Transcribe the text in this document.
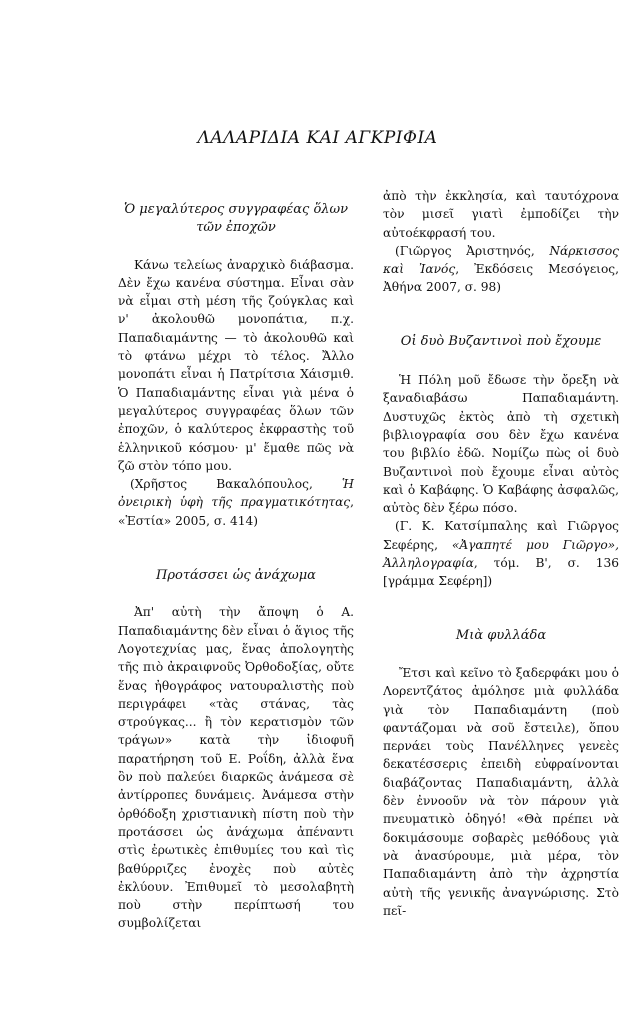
ΛΑΛΑΡΙΔΙΑ ΚΑΙ ΑΓΚΡΙΦΙΑ
Ὁ μεγαλύτερος συγγραφέας ὅλων τῶν ἐποχῶν

Κάνω τελείως ἀναρχικὸ διάβασμα. Δὲν ἔχω κανένα σύστημα. Εἶναι σὰν νὰ εἶμαι στὴ μέση τῆς ζούγκλας καὶ ν' ἀκολουθῶ μονοπάτια, π.χ. Παπαδιαμάντης — τὸ ἀκολουθῶ καὶ τὸ φτάνω μέχρι τὸ τέλος. Ἄλλο μονοπάτι εἶναι ἡ Πατρίτσια Χάισμιθ. Ὁ Παπαδιαμάντης εἶναι γιὰ μένα ὁ μεγαλύτερος συγγραφέας ὅλων τῶν ἐποχῶν, ὁ καλύτερος ἐκφραστὴς τοῦ ἑλληνικοῦ κόσμου· μ' ἔμαθε πῶς νὰ ζῶ στὸν τόπο μου.

(Χρῆστος Βακαλόπουλος, Ἡ ὀνειρικὴ ὑφὴ τῆς πραγματικότητας, «Ἑστία» 2005, σ. 414)

Προτάσσει ὡς ἀνάχωμα

Ἀπ' αὐτὴ τὴν ἄποψη ὁ Α. Παπαδιαμάντης δὲν εἶναι ὁ ἅγιος τῆς Λογοτεχνίας μας, ἕνας ἀπολογητὴς τῆς πιὸ ἀκραιφνοῦς Ὀρθοδοξίας, οὔτε ἕνας ἠθογράφος νατουραλιστὴς ποὺ περιγράφει «τὰς στάνας, τὰς στρούγκας... ἢ τὸν κερατισμὸν τῶν τράγων» κατὰ τὴν ἰδιοφυῆ παρατήρηση τοῦ Ε. Ροΐδη, ἀλλὰ ἕνα ὂν ποὺ παλεύει διαρκῶς ἀνάμεσα σὲ ἀντίρροπες δυνάμεις. Ἀνάμεσα στὴν ὀρθόδοξη χριστιανικὴ πίστη ποὺ τὴν προτάσσει ὡς ἀνάχωμα ἀπέναντι στὶς ἐρωτικὲς ἐπιθυμίες του καὶ τὶς βαθύρριζες ἐνοχὲς ποὺ αὐτὲς ἐκλύουν. Ἐπιθυμεῖ τὸ μεσολαβητὴ ποὺ στὴν περίπτωσή του συμβολίζεται

ἀπὸ τὴν ἐκκλησία, καὶ ταυτόχρονα τὸν μισεῖ γιατὶ ἐμποδίζει τὴν αὐτοέκφρασή του.

(Γιῶργος Ἀριστηνός, Νάρκισσος καὶ Ἰανός, Ἐκδόσεις Μεσόγειος, Ἀθήνα 2007, σ. 98)

Οἱ δυὸ Βυζαντινοὶ ποὺ ἔχουμε

Ἡ Πόλη μοῦ ἔδωσε τὴν ὄρεξη νὰ ξαναδιαβάσω Παπαδιαμάντη. Δυστυχῶς ἐκτὸς ἀπὸ τὴ σχετικὴ βιβλιογραφία σου δὲν ἔχω κανένα του βιβλίο ἐδῶ. Νομίζω πὼς οἱ δυὸ Βυζαντινοὶ ποὺ ἔχουμε εἶναι αὐτὸς καὶ ὁ Καβάφης. Ὁ Καβάφης ἀσφαλῶς, αὐτὸς δὲν ξέρω πόσο.

(Γ. Κ. Κατσίμπαλης καὶ Γιῶργος Σεφέρης, «Ἀγαπητέ μου Γιῶργο», Ἀλληλογραφία, τόμ. Β', σ. 136 [γράμμα Σεφέρη])

Μιὰ φυλλάδα

Ἔτσι καὶ κεῖνο τὸ ξαδερφάκι μου ὁ Λορεντζάτος ἀμόλησε μιὰ φυλλάδα γιὰ τὸν Παπαδιαμάντη (ποὺ φαντάζομαι νὰ σοῦ ἔστειλε), ὅπου περνάει τοὺς Πανέλληνες γενεὲς δεκατέσσερις ἐπειδὴ εὐφραίνονται διαβάζοντας Παπαδιαμάντη, ἀλλὰ δὲν ἐννοοῦν νὰ τὸν πάρουν γιὰ πνευματικὸ ὁδηγό! «Θὰ πρέπει νὰ δοκιμάσουμε σοβαρὲς μεθόδους γιὰ νὰ ἀνασύρουμε, μιὰ μέρα, τὸν Παπαδιαμάντη ἀπὸ τὴν ἀχρηστία αὐτὴ τῆς γενικῆς ἀναγνώρισης. Στὸ πεῖ-
